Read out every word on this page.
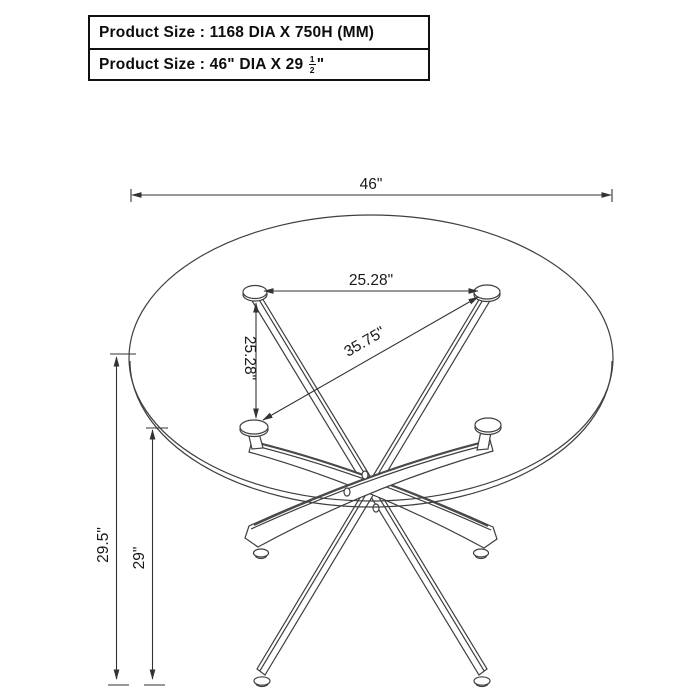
Product Size : 1168 DIA X 750H (MM)
Product Size : 46" DIA X $29 \frac{1}{2}$ "
46"
25.28"
25.28"	35.75"
29.5" 29"
